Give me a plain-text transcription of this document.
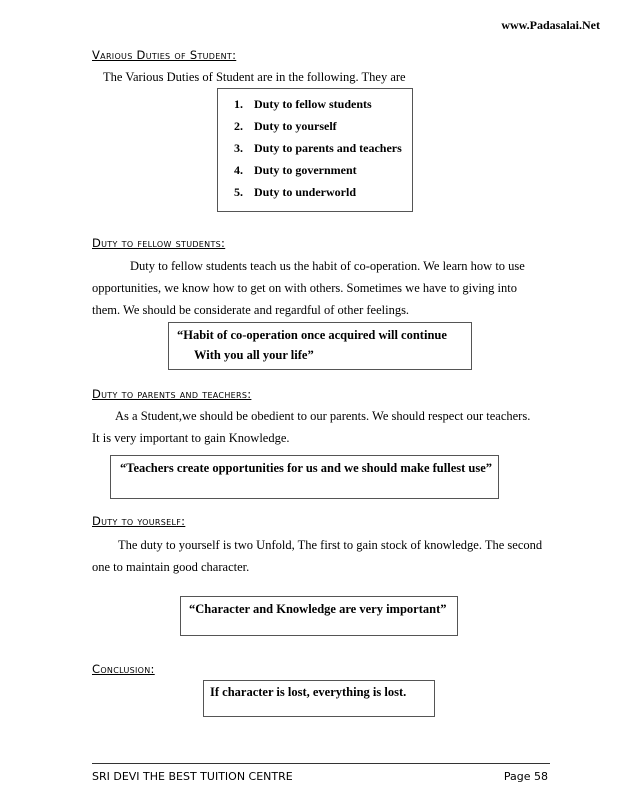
www.Padasalai.Net
Various Duties of Student:
The Various Duties of Student are in the following. They are
1. Duty to fellow students
2. Duty to yourself
3. Duty to parents and teachers
4. Duty to government
5. Duty to underworld
Duty to fellow students:
Duty to fellow students teach us the habit of co-operation. We learn how to use
opportunities, we know how to get on with others. Sometimes we have to giving into
them. We should be considerate and regardful of other feelings.
“Habit of co-operation once acquired will continue
With you all your life”
Duty to parents and teachers:
As a Student,we should be obedient to our parents. We should respect our teachers.
It is very important to gain Knowledge.
“Teachers create opportunities for us and we should make fullest use”
Duty to yourself:
The duty to yourself is two Unfold, The first to gain stock of knowledge. The second
one to maintain good character.
“Character and Knowledge are very important”
Conclusion:
If character is lost, everything is lost.
SRI DEVI THE BEST TUITION CENTRE	Page 58
